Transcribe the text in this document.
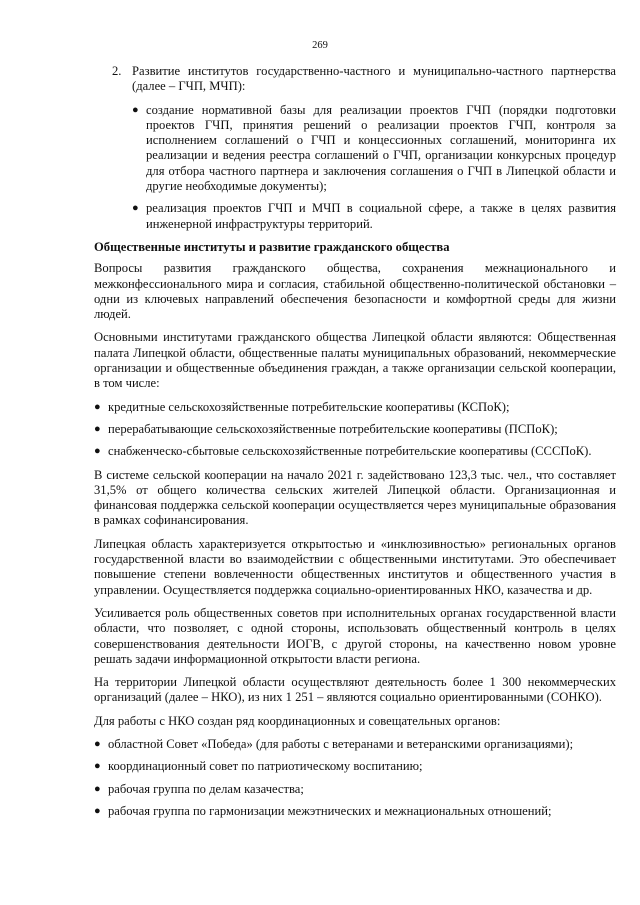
269
2. Развитие институтов государственно-частного и муниципально-частного партнерства (далее – ГЧП, МЧП):
● создание нормативной базы для реализации проектов ГЧП (порядки подготовки проектов ГЧП, принятия решений о реализации проектов ГЧП, контроля за исполнением соглашений о ГЧП и концессионных соглашений, мониторинга их реализации и ведения реестра соглашений о ГЧП, организации конкурсных процедур для отбора частного партнера и заключения соглашения о ГЧП в Липецкой области и другие необходимые документы);
● реализация проектов ГЧП и МЧП в социальной сфере, а также в целях развития инженерной инфраструктуры территорий.
Общественные институты и развитие гражданского общества

Вопросы развития гражданского общества, сохранения межнационального и межконфессионального мира и согласия, стабильной общественно-политической обстановки – одни из ключевых направлений обеспечения безопасности и комфортной среды для жизни людей.

Основными институтами гражданского общества Липецкой области являются: Общественная палата Липецкой области, общественные палаты муниципальных образований, некоммерческие организации и общественные объединения граждан, а также организации сельской кооперации, в том числе:

● кредитные сельскохозяйственные потребительские кооперативы (КСПоК);
● перерабатывающие сельскохозяйственные потребительские кооперативы (ПСПоК);
● снабженческо-сбытовые сельскохозяйственные потребительские кооперативы (СССПоК).

В системе сельской кооперации на начало 2021 г. задействовано 123,3 тыс. чел., что составляет 31,5% от общего количества сельских жителей Липецкой области. Организационная и финансовая поддержка сельской кооперации осуществляется через муниципальные образования в рамках софинансирования.

Липецкая область характеризуется открытостью и «инклюзивностью» региональных органов государственной власти во взаимодействии с общественными институтами. Это обеспечивает повышение степени вовлеченности общественных институтов и общественного участия в управлении. Осуществляется поддержка социально-ориентированных НКО, казачества и др.

Усиливается роль общественных советов при исполнительных органах государственной власти области, что позволяет, с одной стороны, использовать общественный контроль в целях совершенствования деятельности ИОГВ, с другой стороны, на качественно новом уровне решать задачи информационной открытости власти региона.

На территории Липецкой области осуществляют деятельность более 1 300 некоммерческих организаций (далее – НКО), из них 1 251 – являются социально ориентированными (СОНКО).

Для работы с НКО создан ряд координационных и совещательных органов:

● областной Совет «Победа» (для работы с ветеранами и ветеранскими организациями);
● координационный совет по патриотическому воспитанию;
● рабочая группа по делам казачества;
● рабочая группа по гармонизации межэтнических и межнациональных отношений;
